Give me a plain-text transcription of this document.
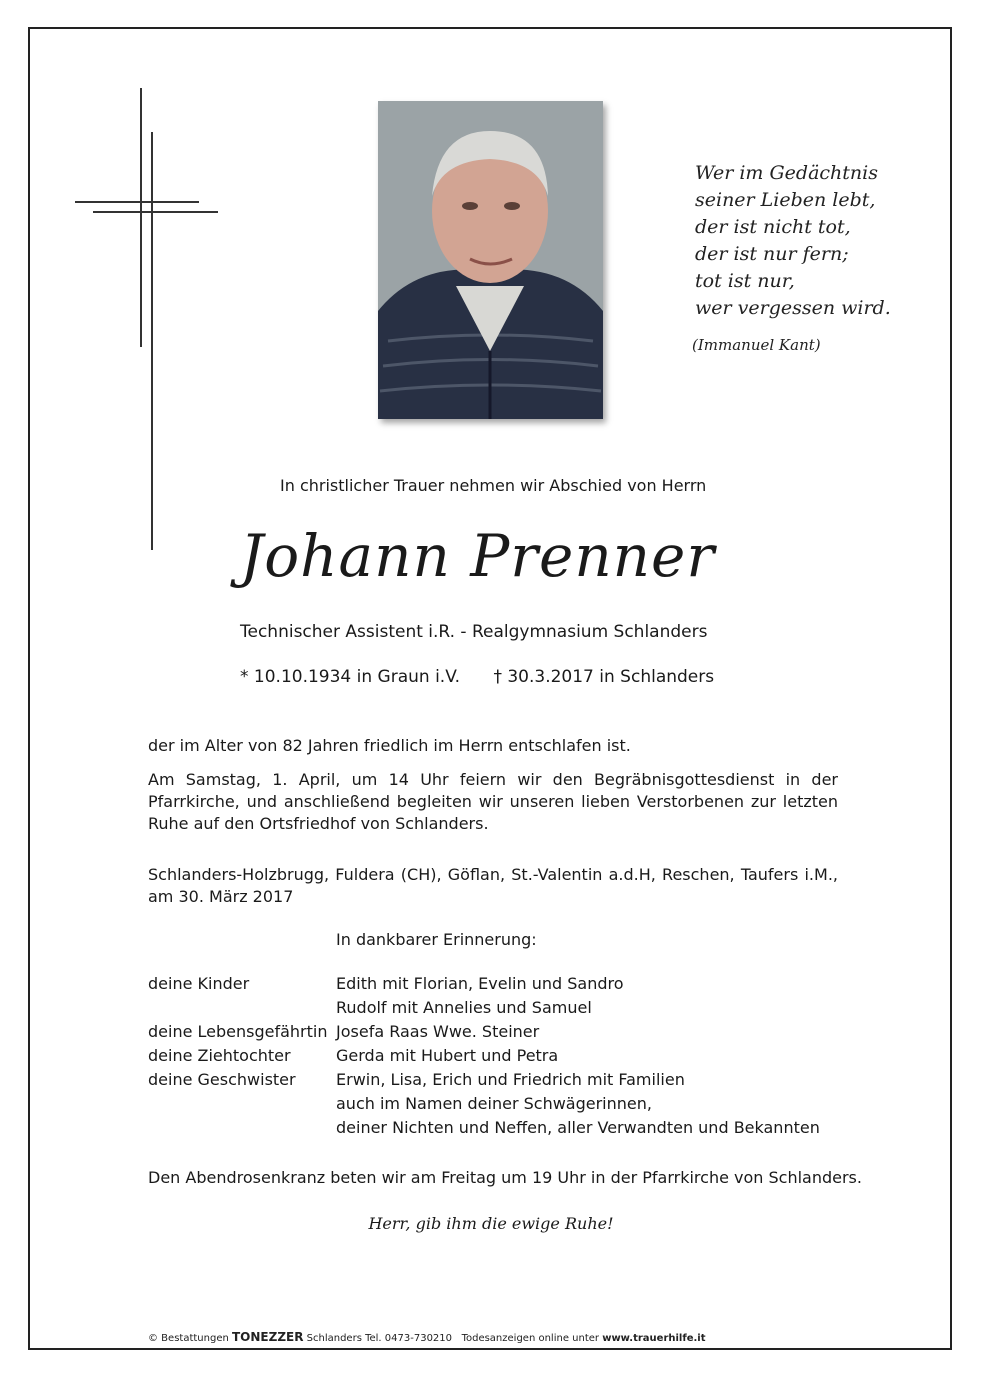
Wer im Gedächtnis
seiner Lieben lebt,
der ist nicht tot,
der ist nur fern;
tot ist nur,
wer vergessen wird.
(Immanuel Kant)
In christlicher Trauer nehmen wir Abschied von Herrn
Johann Prenner
Technischer Assistent i.R. - Realgymnasium Schlanders
* 10.10.1934 in Graun i.V. † 30.3.2017 in Schlanders
der im Alter von 82 Jahren friedlich im Herrn entschlafen ist.
Am Samstag, 1. April, um 14 Uhr feiern wir den Begräbnisgottesdienst in der Pfarrkirche, und anschließend begleiten wir unseren lieben Verstorbenen zur letzten Ruhe auf den Ortsfriedhof von Schlanders.
Schlanders-Holzbrugg, Fuldera (CH), Göflan, St.-Valentin a.d.H, Reschen, Taufers i.M., am 30. März 2017
In dankbarer Erinnerung:
deine Kinder	Edith mit Florian, Evelin und Sandro
Rudolf mit Annelies und Samuel
deine Lebensgefährtin Josefa Raas Wwe. Steiner
deine Ziehtochter	Gerda mit Hubert und Petra
deine Geschwister	Erwin, Lisa, Erich und Friedrich mit Familien
auch im Namen deiner Schwägerinnen,
deiner Nichten und Neffen, aller Verwandten und Bekannten
Den Abendrosenkranz beten wir am Freitag um 19 Uhr in der Pfarrkirche von Schlanders.
Herr, gib ihm die ewige Ruhe!
© Bestattungen TONEZZER Schlanders Tel. 0473-730210 Todesanzeigen online unter www.trauerhilfe.it
